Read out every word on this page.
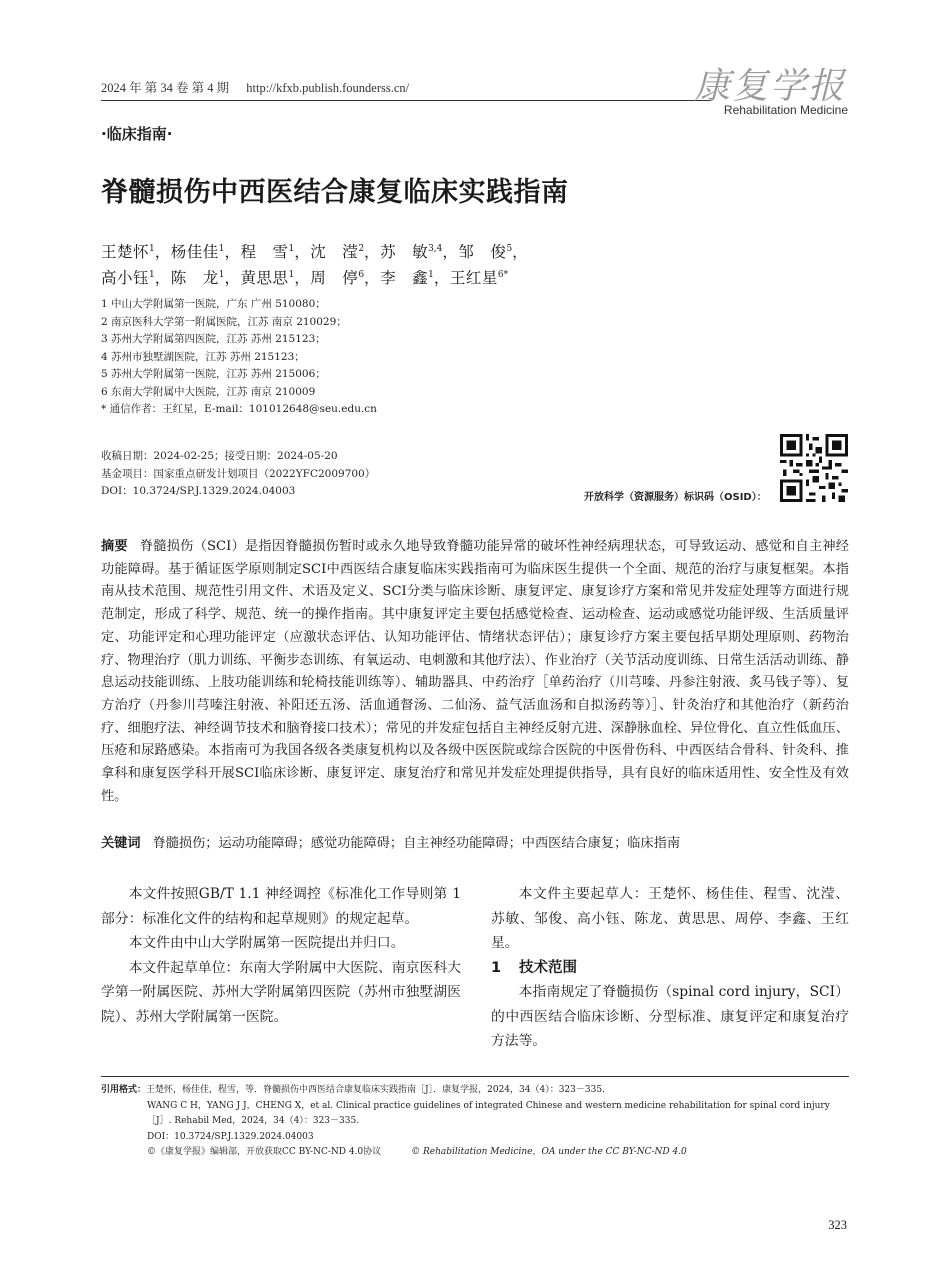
2024 年 第 34 卷 第 4 期 http://kfxb.publish.founderss.cn/	康复学报
Rehabilitation Medicine
·临床指南·
脊髓损伤中西医结合康复临床实践指南
王楚怀$^1$，杨佳佳$^1$，程　雪$^1$，沈　滢$^2$，苏　敏$^{3,4}$，邹　俊$^5$，
高小钰$^1$，陈　龙$^1$，黄思思$^1$，周　停$^6$，李　鑫$^1$，王红星$^{6*}$
1 中山大学附属第一医院，广东 广州 510080；
2 南京医科大学第一附属医院，江苏 南京 210029；
3 苏州大学附属第四医院，江苏 苏州 215123；
4 苏州市独墅湖医院，江苏 苏州 215123；
5 苏州大学附属第一医院，江苏 苏州 215006；
6 东南大学附属中大医院，江苏 南京 210009
* 通信作者：王红星，E-mail：101012648@seu.edu.cn
收稿日期：2024-02-25；接受日期：2024-05-20
基金项目：国家重点研发计划项目（2022YFC2009700）
DOI：10.3724/SP.J.1329.2024.04003
开放科学（资源服务）标识码（OSID）：
摘要 脊髓损伤（SCI）是指因脊髓损伤暂时或永久地导致脊髓功能异常的破坏性神经病理状态，可导致运动、感觉和自主神经功能障碍。基于循证医学原则制定SCI中西医结合康复临床实践指南可为临床医生提供一个全面、规范的治疗与康复框架。本指南从技术范围、规范性引用文件、术语及定义、SCI分类与临床诊断、康复评定、康复诊疗方案和常见并发症处理等方面进行规范制定，形成了科学、规范、统一的操作指南。其中康复评定主要包括感觉检查、运动检查、运动或感觉功能评级、生活质量评定、功能评定和心理功能评定（应激状态评估、认知功能评估、情绪状态评估）；康复诊疗方案主要包括早期处理原则、药物治疗、物理治疗（肌力训练、平衡步态训练、有氧运动、电刺激和其他疗法）、作业治疗（关节活动度训练、日常生活活动训练、静息运动技能训练、上肢功能训练和轮椅技能训练等）、辅助器具、中药治疗［单药治疗（川芎嗪、丹参注射液、炙马钱子等）、复方治疗（丹参川芎嗪注射液、补阳还五汤、活血通督汤、二仙汤、益气活血汤和自拟汤药等）］、针灸治疗和其他治疗（新药治疗、细胞疗法、神经调节技术和脑脊接口技术）；常见的并发症包括自主神经反射亢进、深静脉血栓、异位骨化、直立性低血压、压疮和尿路感染。本指南可为我国各级各类康复机构以及各级中医医院或综合医院的中医骨伤科、中西医结合骨科、针灸科、推拿科和康复医学科开展SCI临床诊断、康复评定、康复治疗和常见并发症处理提供指导，具有良好的临床适用性、安全性及有效性。
关键词 脊髓损伤；运动功能障碍；感觉功能障碍；自主神经功能障碍；中西医结合康复；临床指南

本文件按照GB/T 1.1 神经调控《标准化工作导则第 1 部分：标准化文件的结构和起草规则》的规定起草。

本文件由中山大学附属第一医院提出并归口。

本文件起草单位：东南大学附属中大医院、南京医科大学第一附属医院、苏州大学附属第四医院（苏州市独墅湖医院）、苏州大学附属第一医院。

本文件主要起草人：王楚怀、杨佳佳、程雪、沈滢、苏敏、邹俊、高小钰、陈龙、黄思思、周停、李鑫、王红星。

1 技术范围

本指南规定了脊髓损伤（spinal cord injury，SCI）的中西医结合临床诊断、分型标准、康复评定和康复治疗方法等。

引用格式：王楚怀，杨佳佳，程雪，等．脊髓损伤中西医结合康复临床实践指南［J］．康复学报，2024，34（4）：323－335．
WANG C H，YANG J J，CHENG X，et al. Clinical practice guidelines of integrated Chinese and western medicine rehabilitation for spinal cord injury ［J］. Rehabil Med，2024，34（4）：323－335.
DOI：10.3724/SP.J.1329.2024.04003
©《康复学报》编辑部，开放获取CC BY-NC-ND 4.0协议	© Rehabilitation Medicine，OA under the CC BY-NC-ND 4.0
323
